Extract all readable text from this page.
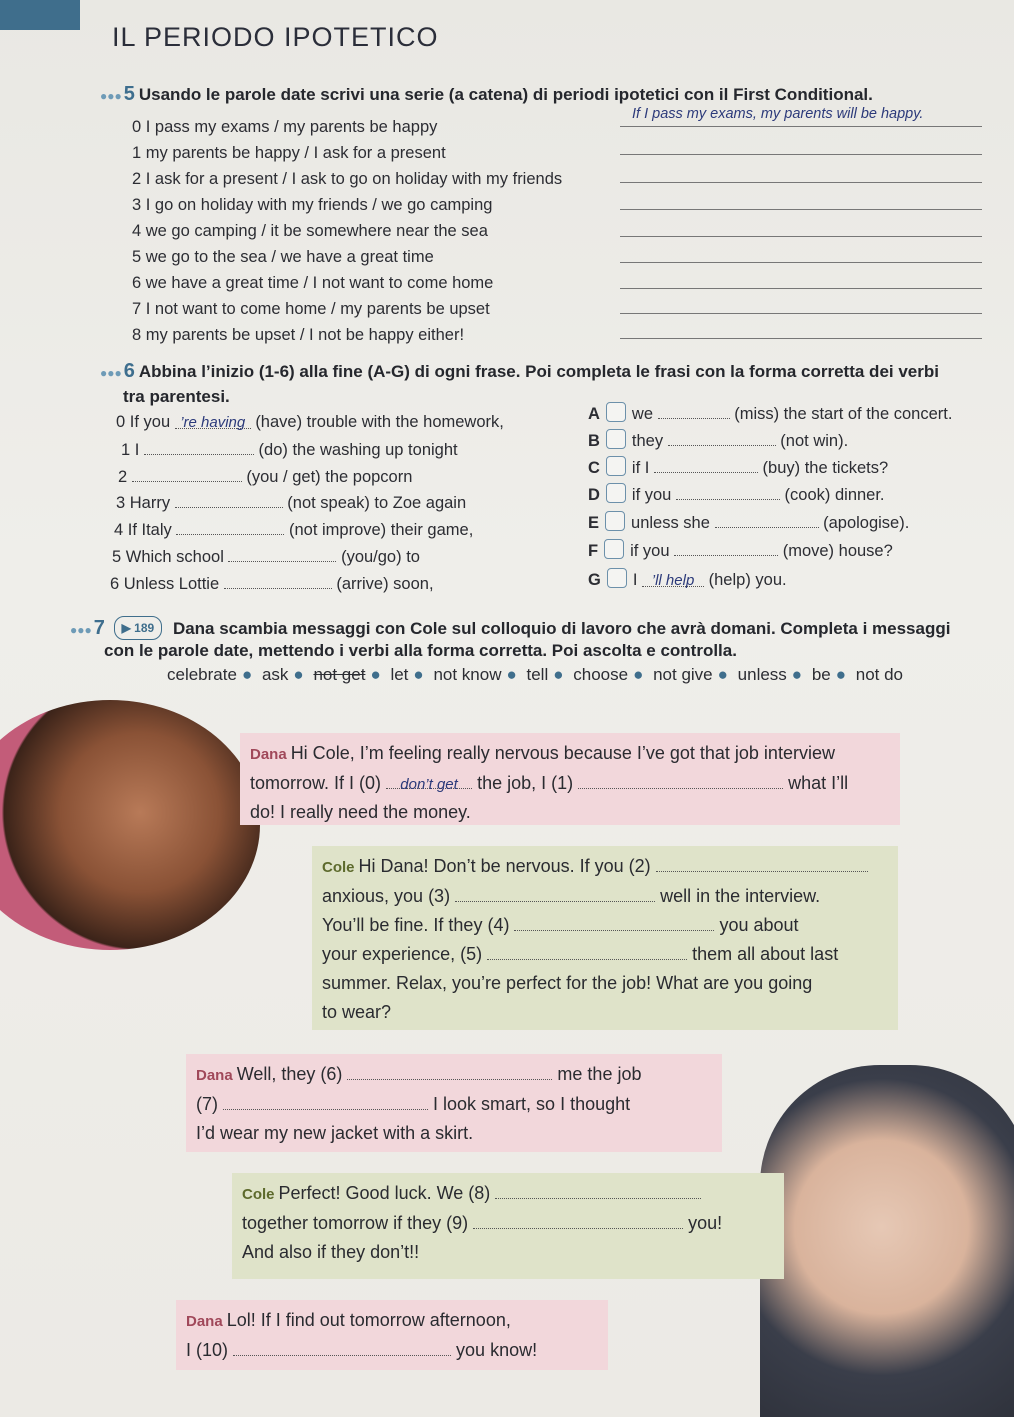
IL PERIODO IPOTETICO
●●● 5 Usando le parole date scrivi una serie (a catena) di periodi ipotetici con il First Conditional.
0 I pass my exams / my parents be happy
1 my parents be happy / I ask for a present
2 I ask for a present / I ask to go on holiday with my friends
3 I go on holiday with my friends / we go camping
4 we go camping / it be somewhere near the sea
5 we go to the sea / we have a great time
6 we have a great time / I not want to come home
7 I not want to come home / my parents be upset
8 my parents be upset / I not be happy either!
If I pass my exams, my parents will be happy.
●●● 6 Abbina l’inizio (1-6) alla fine (A-G) di ogni frase. Poi completa le frasi con la forma corretta dei verbi
tra parentesi.
0 If you ’re having (have) trouble with the homework,
1 I	(do) the washing up tonight
2	(you / get) the popcorn
3 Harry	(not speak) to Zoe again
4 If Italy	(not improve) their game,
5 Which school	(you/go) to
6 Unless Lottie	(arrive) soon,
A we	(miss) the start of the concert.
B they	(not win).
C if I	(buy) the tickets?
D if you	(cook) dinner.
E unless she	(apologise).
F if you	(move) house?
G I ’ll help (help) you.
●●● 7 ▶ 189 Dana scambia messaggi con Cole sul colloquio di lavoro che avrà domani. Completa i messaggi
con le parole date, mettendo i verbi alla forma corretta. Poi ascolta e controlla.
celebrate ● ask ● not get ● let ● not know ● tell ● choose ● not give ● unless ● be ● not do
Dana Hi Cole, I’m feeling really nervous because I’ve got that job interview
tomorrow. If I (0) don’t get the job, I (1)	what I’ll
do! I really need the money.
Cole Hi Dana! Don’t be nervous. If you (2)
anxious, you (3)	well in the interview.
You’ll be fine. If they (4)	you about
your experience, (5)	them all about last
summer. Relax, you’re perfect for the job! What are you going
to wear?
Dana Well, they (6)	me the job
(7)	I look smart, so I thought
I’d wear my new jacket with a skirt.
Cole Perfect! Good luck. We (8)
together tomorrow if they (9)	you!
And also if they don’t!!
Dana Lol! If I find out tomorrow afternoon,
I (10)	you know!
